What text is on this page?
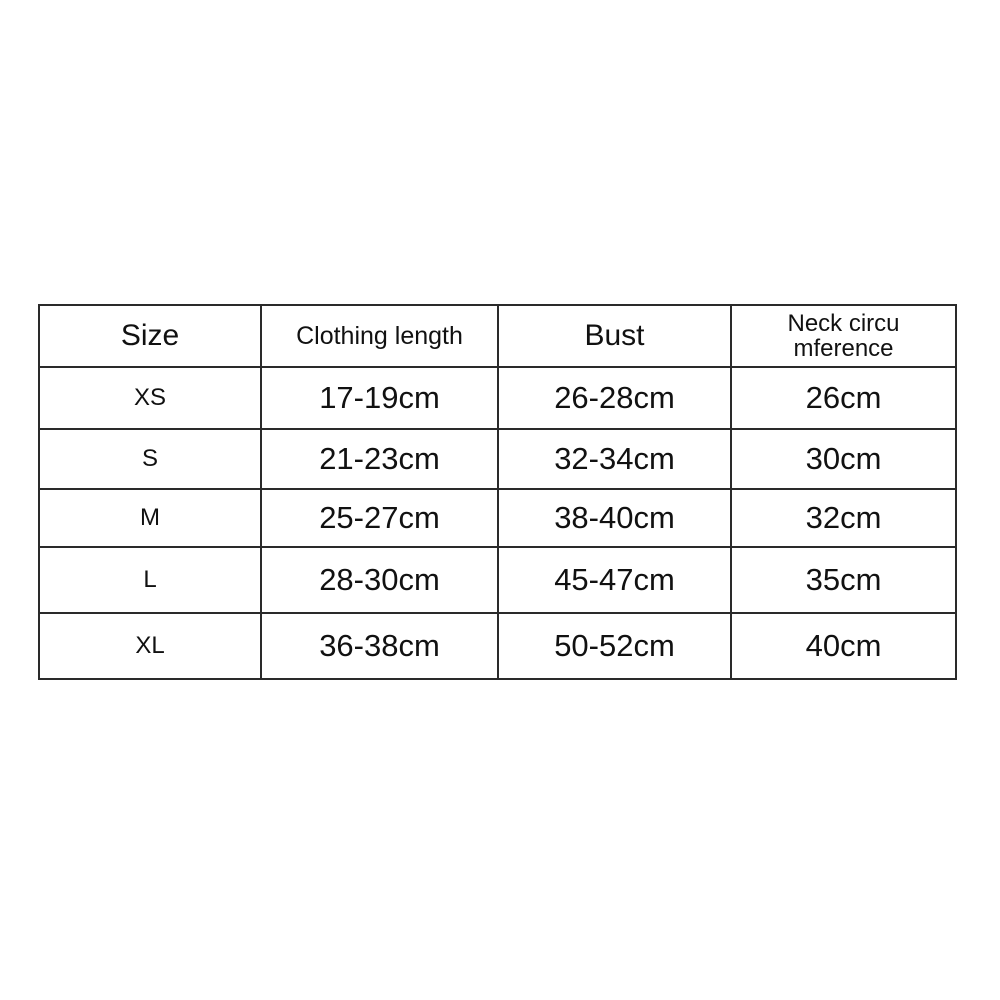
Size	Clothing length	Bust	Neck circu
mference

XS	17-19cm	26-28cm	26cm
S	21-23cm	32-34cm	30cm
M	25-27cm	38-40cm	32cm
L	28-30cm	45-47cm	35cm
XL	36-38cm	50-52cm	40cm
